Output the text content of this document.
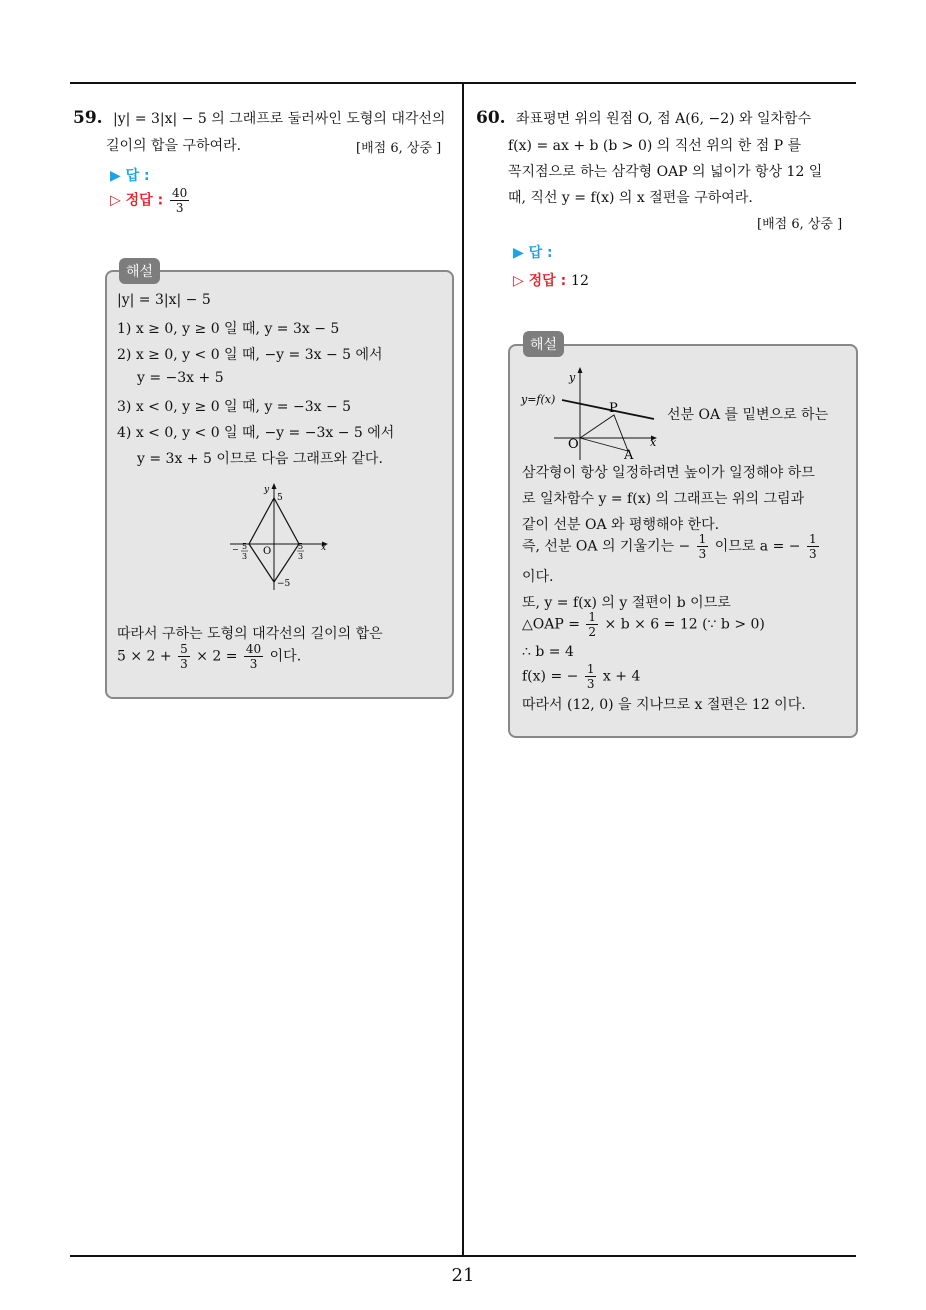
59. |y| = 3|x| − 5 의 그래프로 둘러싸인 도형의 대각선의
길이의 합을 구하여라.	[배점 6, 상중 ]
▶ 답 :
▷ 정답 : $\frac{40}{3}$
해설
|y| = 3|x| − 5
1) x ≥ 0, y ≥ 0 일 때, y = 3x − 5
2) x ≥ 0, y < 0 일 때, −y = 3x − 5 에서
y = −3x + 5
3) x < 0, y ≥ 0 일 때, y = −3x − 5
4) x < 0, y < 0 일 때, −y = −3x − 5 에서
y = 3x + 5 이므로 다음 그래프와 같다.
y
x
5
−5
O
− 5
3
5
3
따라서 구하는 도형의 대각선의 길이의 합은
$5 \times 2 + \frac{5}{3} \times 2 = \frac{40}{3}$ 이다.
60. 좌표평면 위의 원점 O, 점 A(6, −2) 와 일차함수
f(x) = ax + b (b > 0) 의 직선 위의 한 점 P 를
꼭지점으로 하는 삼각형 OAP 의 넓이가 항상 12 일
때, 직선 y = f(x) 의 x 절편을 구하여라.
[배점 6, 상중 ]
▶ 답 :
▷ 정답 : 12
해설
y
x
y=f(x)
O
P
A
선분 OA 를 밑변으로 하는
삼각형이 항상 일정하려면 높이가 일정해야 하므
로 일차함수 y = f(x) 의 그래프는 위의 그림과
같이 선분 OA 와 평행해야 한다.
즉, 선분 OA 의 기울기는 − $\frac{1}{3}$ 이므로 a = − $\frac{1}{3}$
이다.
또, y = f(x) 의 y 절편이 b 이므로
△OAP = $\frac{1}{2} \times b \times 6 = 12$ (∵ b > 0)
∴ b = 4
f(x) = − $\frac{1}{3}$ x + 4
따라서 (12, 0) 을 지나므로 x 절편은 12 이다.
21
